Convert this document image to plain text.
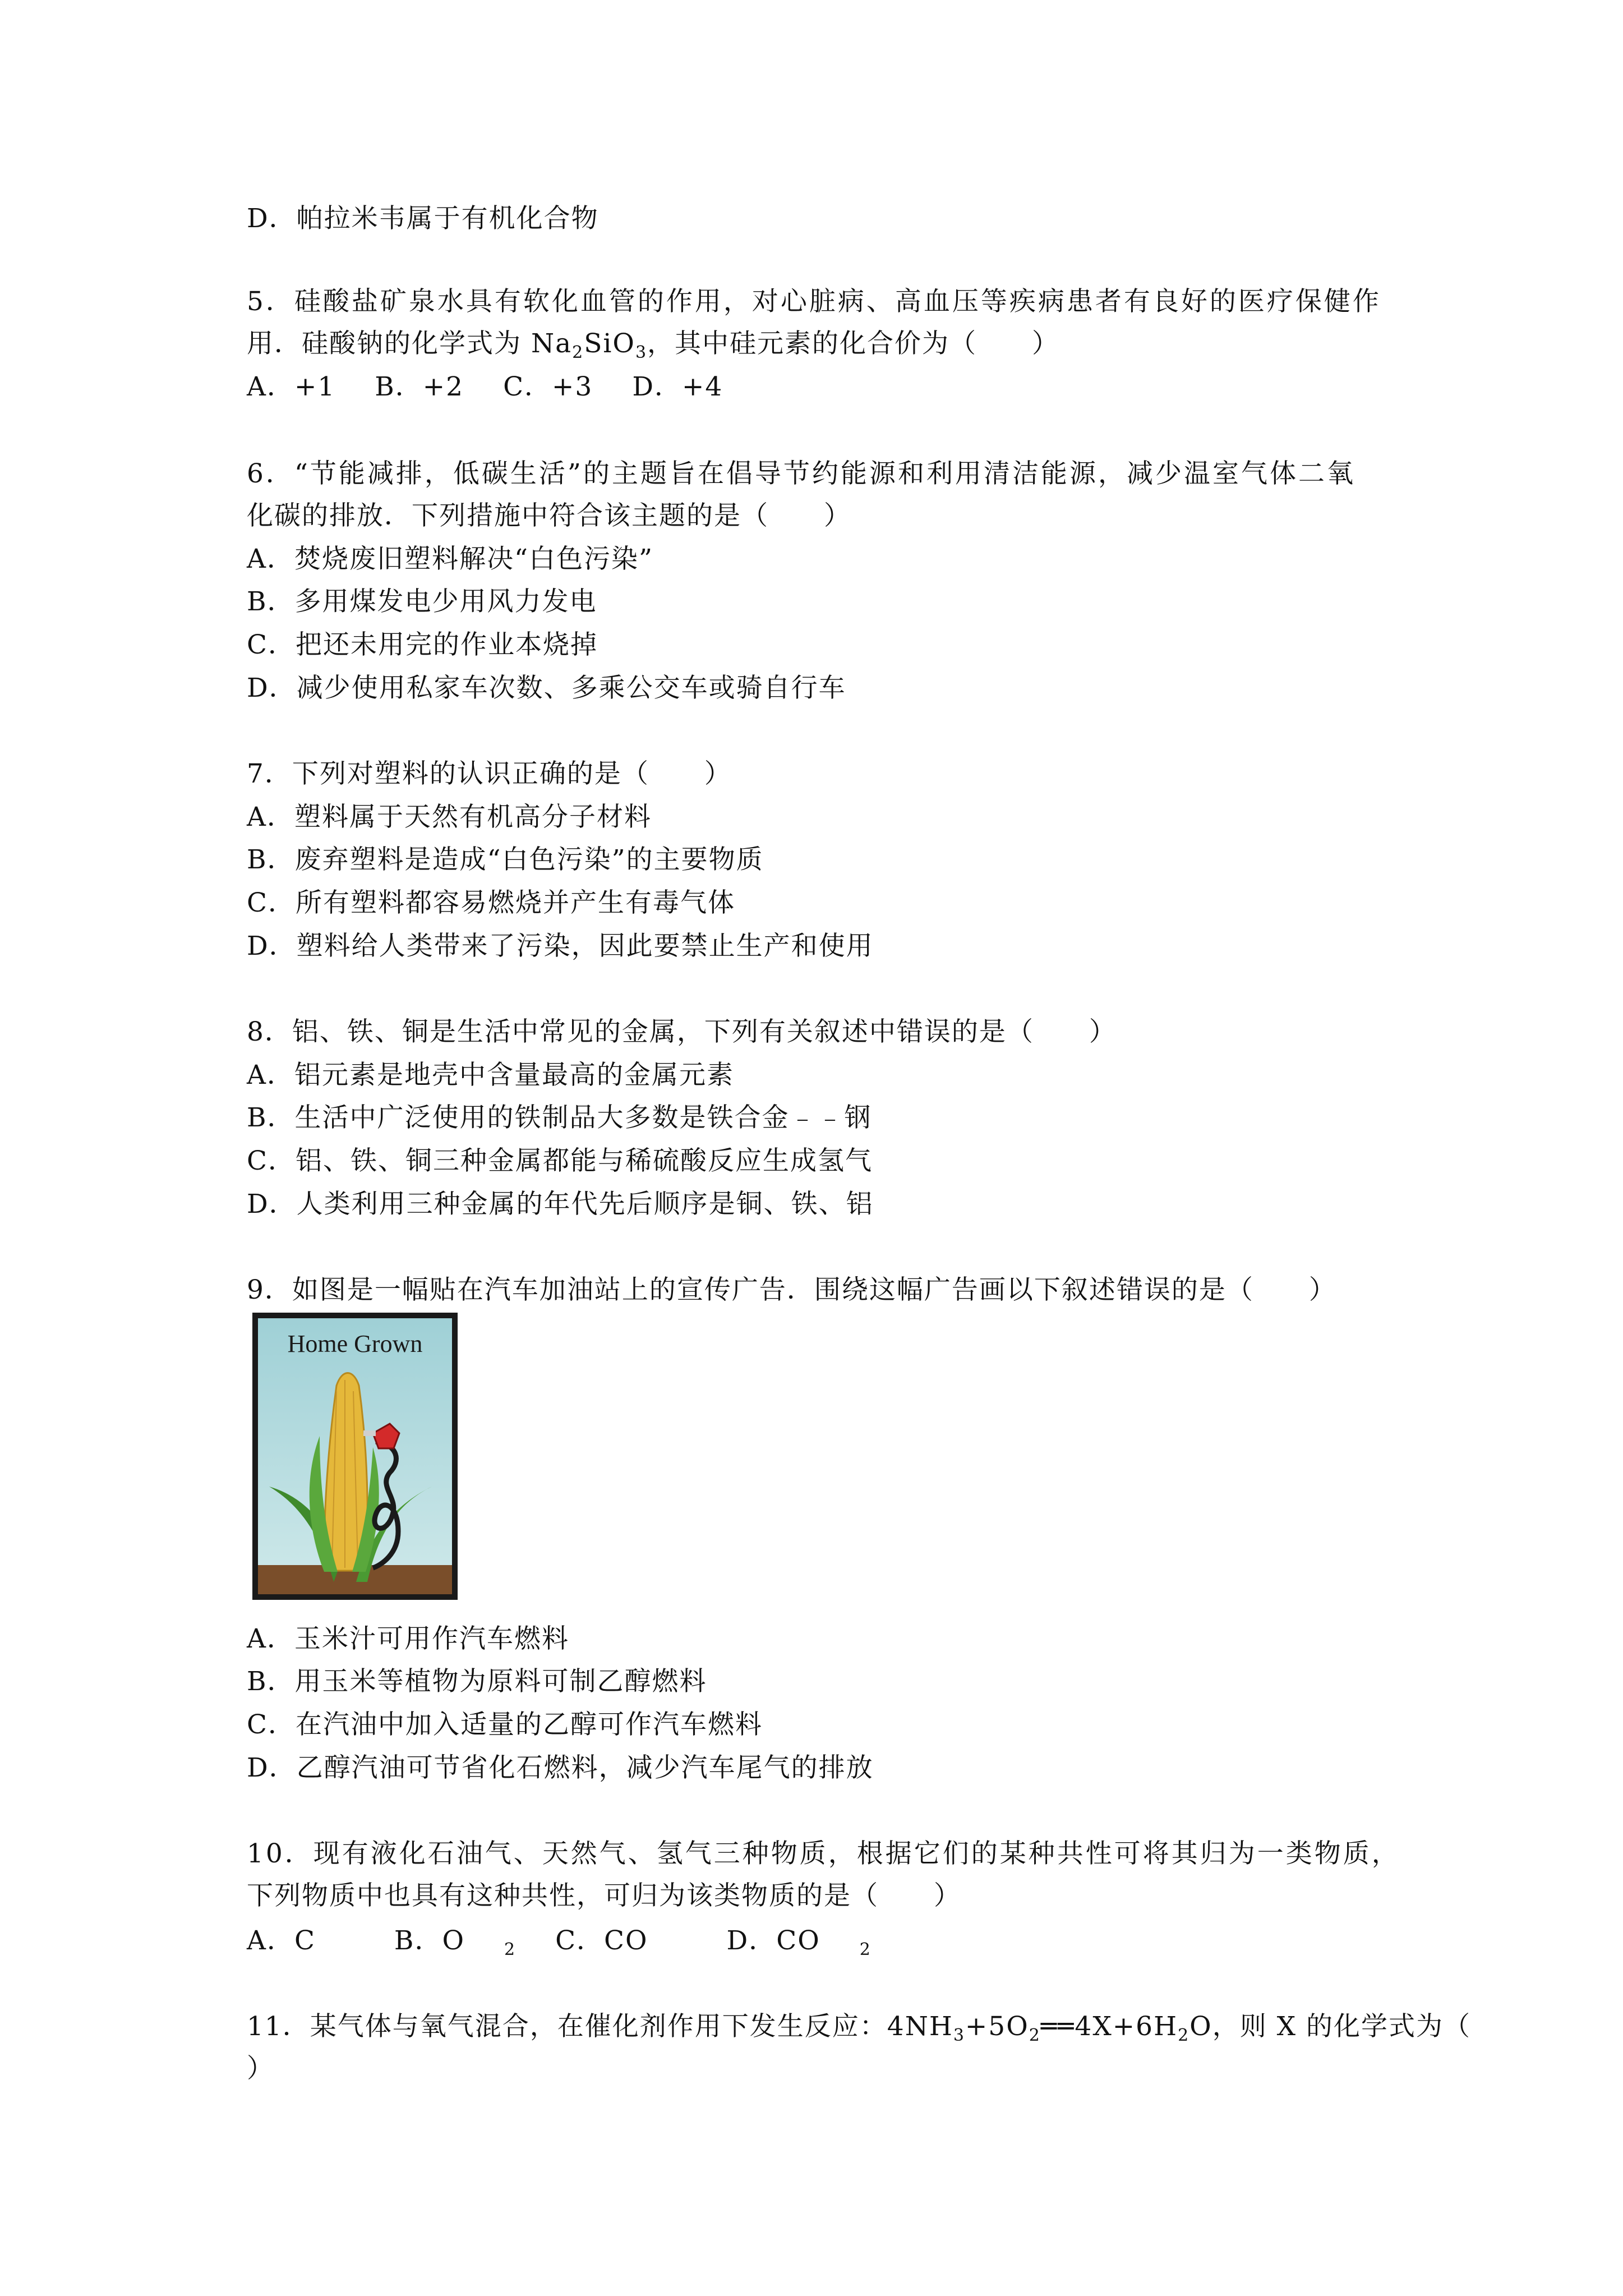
D．帕拉米韦属于有机化合物
5．硅酸盐矿泉水具有软化血管的作用，对心脏病、高血压等疾病患者有良好的医疗保健作
用．硅酸钠的化学式为 $Na_2SiO_3$，其中硅元素的化合价为（　　）
A．+1 B．+2 C．+3 D．+4
6．“节能减排，低碳生活”的主题旨在倡导节约能源和利用清洁能源，减少温室气体二氧
化碳的排放．下列措施中符合该主题的是（　　）
A．焚烧废旧塑料解决“白色污染”
B．多用煤发电少用风力发电
C．把还未用完的作业本烧掉
D．减少使用私家车次数、多乘公交车或骑自行车
7．下列对塑料的认识正确的是（　　）
A．塑料属于天然有机高分子材料
B．废弃塑料是造成“白色污染”的主要物质
C．所有塑料都容易燃烧并产生有毒气体
D．塑料给人类带来了污染，因此要禁止生产和使用
8．铝、铁、铜是生活中常见的金属，下列有关叙述中错误的是（　　）
A．铝元素是地壳中含量最高的金属元素
B．生活中广泛使用的铁制品大多数是铁合金﹣﹣钢
C．铝、铁、铜三种金属都能与稀硫酸反应生成氢气
D．人类利用三种金属的年代先后顺序是铜、铁、铝
9．如图是一幅贴在汽车加油站上的宣传广告．围绕这幅广告画以下叙述错误的是（　　）
Home Grown
A．玉米汁可用作汽车燃料
B．用玉米等植物为原料可制乙醇燃料
C．在汽油中加入适量的乙醇可作汽车燃料
D．乙醇汽油可节省化石燃料，减少汽车尾气的排放
10．现有液化石油气、天然气、氢气三种物质，根据它们的某种共性可将其归为一类物质，
下列物质中也具有这种共性，可归为该类物质的是（　　）
A．C	B．O $_2$ C．CO	D．CO $_2$
11．某气体与氧气混合，在催化剂作用下发生反应：$4NH_3+5O_2══4X+6H_2O$，则 X 的化学式为（
）
